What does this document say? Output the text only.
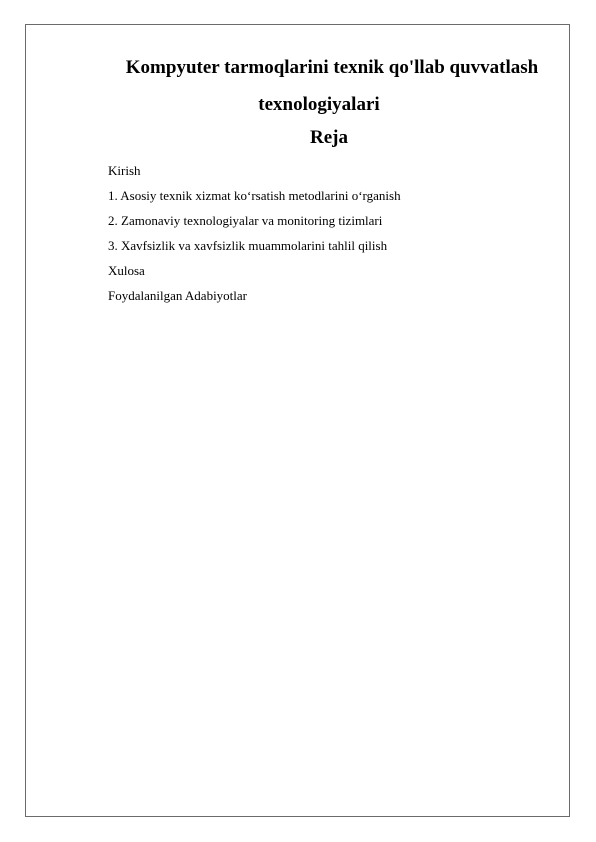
Kompyuter tarmoqlarini texnik qo'llab quvvatlash
texnologiyalari
Reja
Kirish
1. Asosiy texnik xizmat ko‘rsatish metodlarini o‘rganish
2. Zamonaviy texnologiyalar va monitoring tizimlari
3. Xavfsizlik va xavfsizlik muammolarini tahlil qilish
Xulosa
Foydalanilgan Adabiyotlar
